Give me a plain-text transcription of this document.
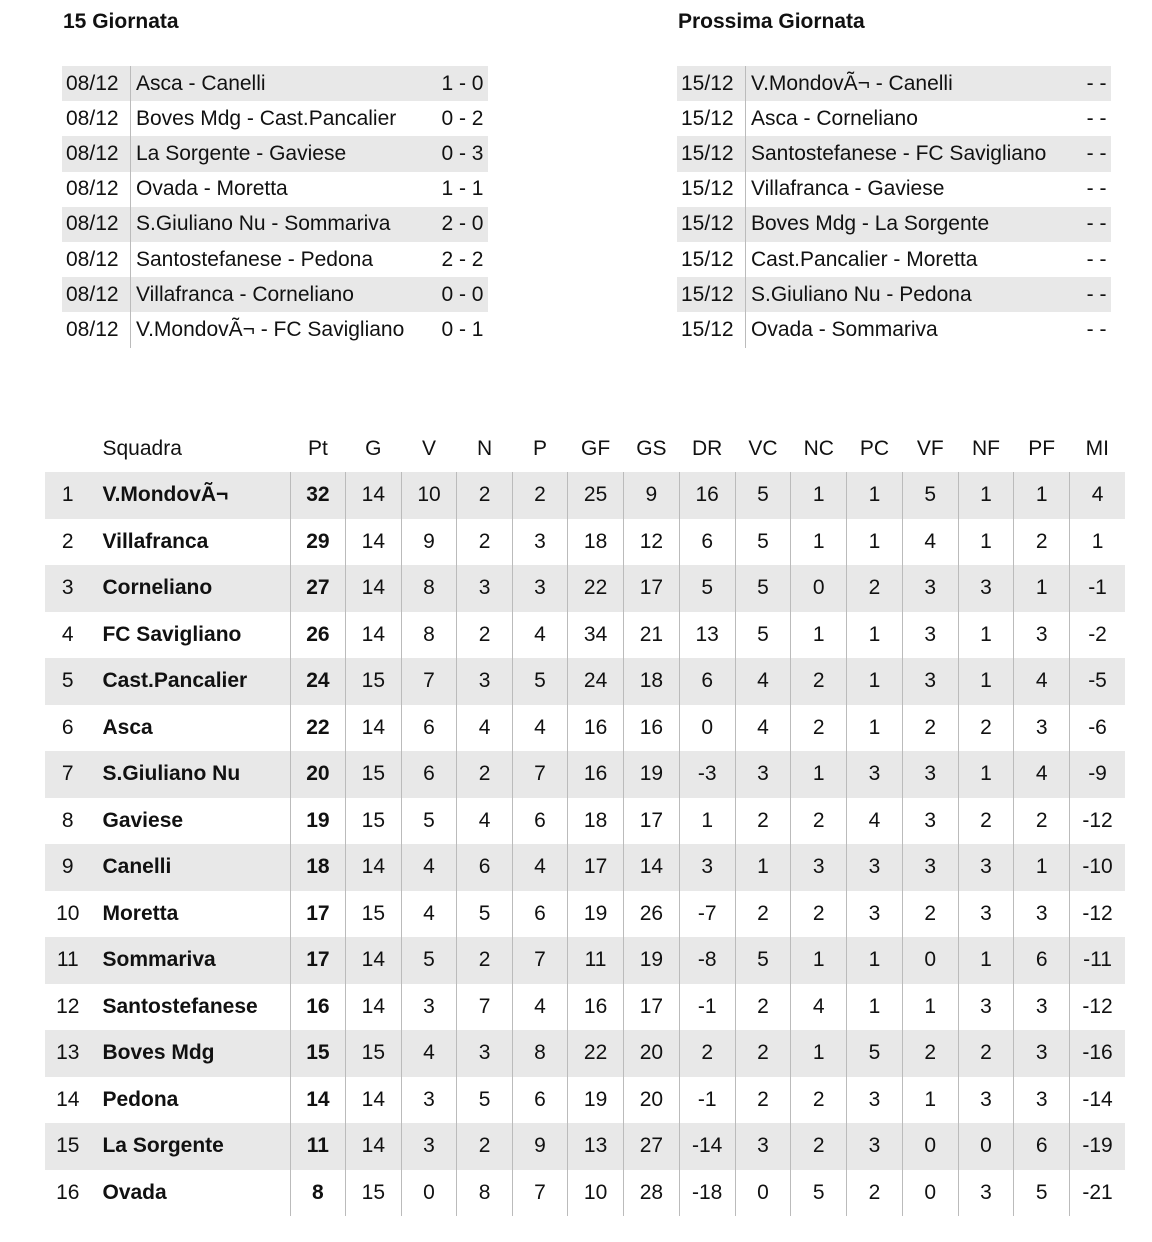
15 Giornata	Prossima Giornata
08/12	Asca - Canelli	1 - 0
08/12	Boves Mdg - Cast.Pancalier	0 - 2
08/12	La Sorgente - Gaviese	0 - 3
08/12	Ovada - Moretta	1 - 1
08/12	S.Giuliano Nu - Sommariva	2 - 0
08/12	Santostefanese - Pedona	2 - 2
08/12	Villafranca - Corneliano	0 - 0
08/12	V.MondovÃ¬ - FC Savigliano	0 - 1
15/12	V.MondovÃ¬ - Canelli	- -
15/12	Asca - Corneliano	- -
15/12	Santostefanese - FC Savigliano	- -
15/12	Villafranca - Gaviese	- -
15/12	Boves Mdg - La Sorgente	- -
15/12	Cast.Pancalier - Moretta	- -
15/12	S.Giuliano Nu - Pedona	- -
15/12	Ovada - Sommariva	- -
	Squadra	Pt	G	V	N	P	GF	GS	DR	VC	NC	PC	VF	NF	PF	MI
1	V.MondovÃ¬	32	14	10	2	2	25	9	16	5	1	1	5	1	1	4
2	Villafranca	29	14	9	2	3	18	12	6	5	1	1	4	1	2	1
3	Corneliano	27	14	8	3	3	22	17	5	5	0	2	3	3	1	-1
4	FC Savigliano	26	14	8	2	4	34	21	13	5	1	1	3	1	3	-2
5	Cast.Pancalier	24	15	7	3	5	24	18	6	4	2	1	3	1	4	-5
6	Asca	22	14	6	4	4	16	16	0	4	2	1	2	2	3	-6
7	S.Giuliano Nu	20	15	6	2	7	16	19	-3	3	1	3	3	1	4	-9
8	Gaviese	19	15	5	4	6	18	17	1	2	2	4	3	2	2	-12
9	Canelli	18	14	4	6	4	17	14	3	1	3	3	3	3	1	-10
10	Moretta	17	15	4	5	6	19	26	-7	2	2	3	2	3	3	-12
11	Sommariva	17	14	5	2	7	11	19	-8	5	1	1	0	1	6	-11
12	Santostefanese	16	14	3	7	4	16	17	-1	2	4	1	1	3	3	-12
13	Boves Mdg	15	15	4	3	8	22	20	2	2	1	5	2	2	3	-16
14	Pedona	14	14	3	5	6	19	20	-1	2	2	3	1	3	3	-14
15	La Sorgente	11	14	3	2	9	13	27	-14	3	2	3	0	0	6	-19
16	Ovada	8	15	0	8	7	10	28	-18	0	5	2	0	3	5	-21
